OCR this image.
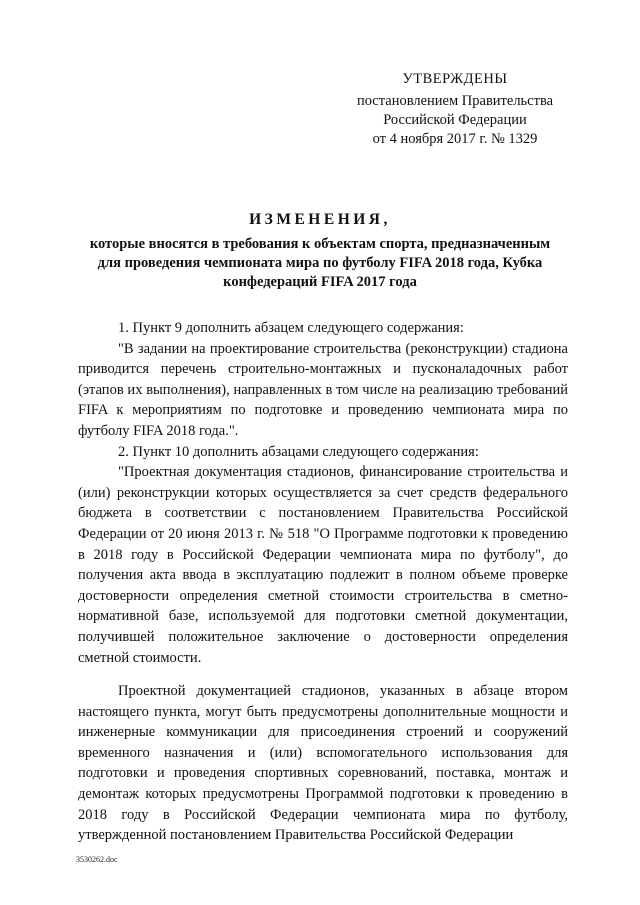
УТВЕРЖДЕНЫ
постановлением Правительства
Российской Федерации
от 4 ноября 2017 г. № 1329
ИЗМЕНЕНИЯ,
которые вносятся в требования к объектам спорта, предназначенным для проведения чемпионата мира по футболу FIFA 2018 года, Кубка конфедераций FIFA 2017 года

1. Пункт 9 дополнить абзацем следующего содержания:

"В задании на проектирование строительства (реконструкции) стадиона приводится перечень строительно-монтажных и пусконаладочных работ (этапов их выполнения), направленных в том числе на реализацию требований FIFA к мероприятиям по подготовке и проведению чемпионата мира по футболу FIFA 2018 года.".

2. Пункт 10 дополнить абзацами следующего содержания:

"Проектная документация стадионов, финансирование строительства и (или) реконструкции которых осуществляется за счет средств федерального бюджета в соответствии с постановлением Правительства Российской Федерации от 20 июня 2013 г. № 518 "О Программе подготовки к проведению в 2018 году в Российской Федерации чемпионата мира по футболу", до получения акта ввода в эксплуатацию подлежит в полном объеме проверке достоверности определения сметной стоимости строительства в сметно-нормативной базе, используемой для подготовки сметной документации, получившей положительное заключение о достоверности определения сметной стоимости.

Проектной документацией стадионов, указанных в абзаце втором настоящего пункта, могут быть предусмотрены дополнительные мощности и инженерные коммуникации для присоединения строений и сооружений временного назначения и (или) вспомогательного использования для подготовки и проведения спортивных соревнований, поставка, монтаж и демонтаж которых предусмотрены Программой подготовки к проведению в 2018 году в Российской Федерации чемпионата мира по футболу, утвержденной постановлением Правительства Российской Федерации

3530262.doc
